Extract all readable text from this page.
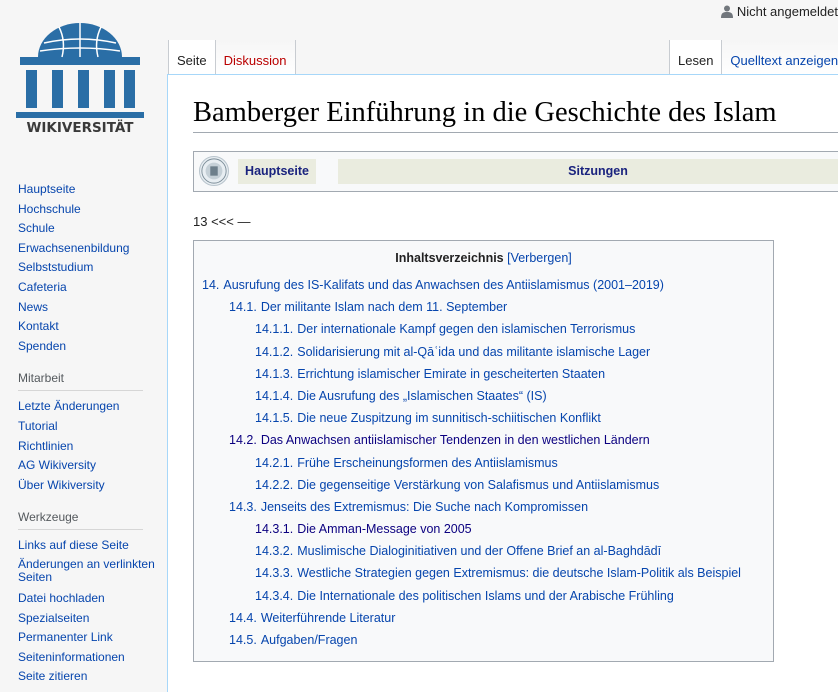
Nicht angemeldet
WIKIVERSITÄT
Hauptseite
Hochschule
Schule
Erwachsenenbildung
Selbststudium
Cafeteria
News
Kontakt
Spenden
Mitarbeit
Letzte Änderungen
Tutorial
Richtlinien
AG Wikiversity
Über Wikiversity
Werkzeuge
Links auf diese Seite
Änderungen an verlinkten Seiten
Datei hochladen
Spezialseiten
Permanenter Link
Seiteninformationen
Seite zitieren
Seite	Diskussion	Lesen	Quelltext anzeigen
Bamberger Einführung in die Geschichte des Islam
Hauptseite	Sitzungen
13 <<< —
Inhaltsverzeichnis [Verbergen]
14. Ausrufung des IS-Kalifats und das Anwachsen des Antiislamismus (2001–2019)
14.1. Der militante Islam nach dem 11. September
14.1.1. Der internationale Kampf gegen den islamischen Terrorismus
14.1.2. Solidarisierung mit al-Qāʿida und das militante islamische Lager
14.1.3. Errichtung islamischer Emirate in gescheiterten Staaten
14.1.4. Die Ausrufung des „Islamischen Staates“ (IS)
14.1.5. Die neue Zuspitzung im sunnitisch-schiitischen Konflikt
14.2. Das Anwachsen antiislamischer Tendenzen in den westlichen Ländern
14.2.1. Frühe Erscheinungsformen des Antiislamismus
14.2.2. Die gegenseitige Verstärkung von Salafismus und Antiislamismus
14.3. Jenseits des Extremismus: Die Suche nach Kompromissen
14.3.1. Die Amman-Message von 2005
14.3.2. Muslimische Dialoginitiativen und der Offene Brief an al-Baghdādī
14.3.3. Westliche Strategien gegen Extremismus: die deutsche Islam-Politik als Beispiel
14.3.4. Die Internationale des politischen Islams und der Arabische Frühling
14.4. Weiterführende Literatur
14.5. Aufgaben/Fragen
